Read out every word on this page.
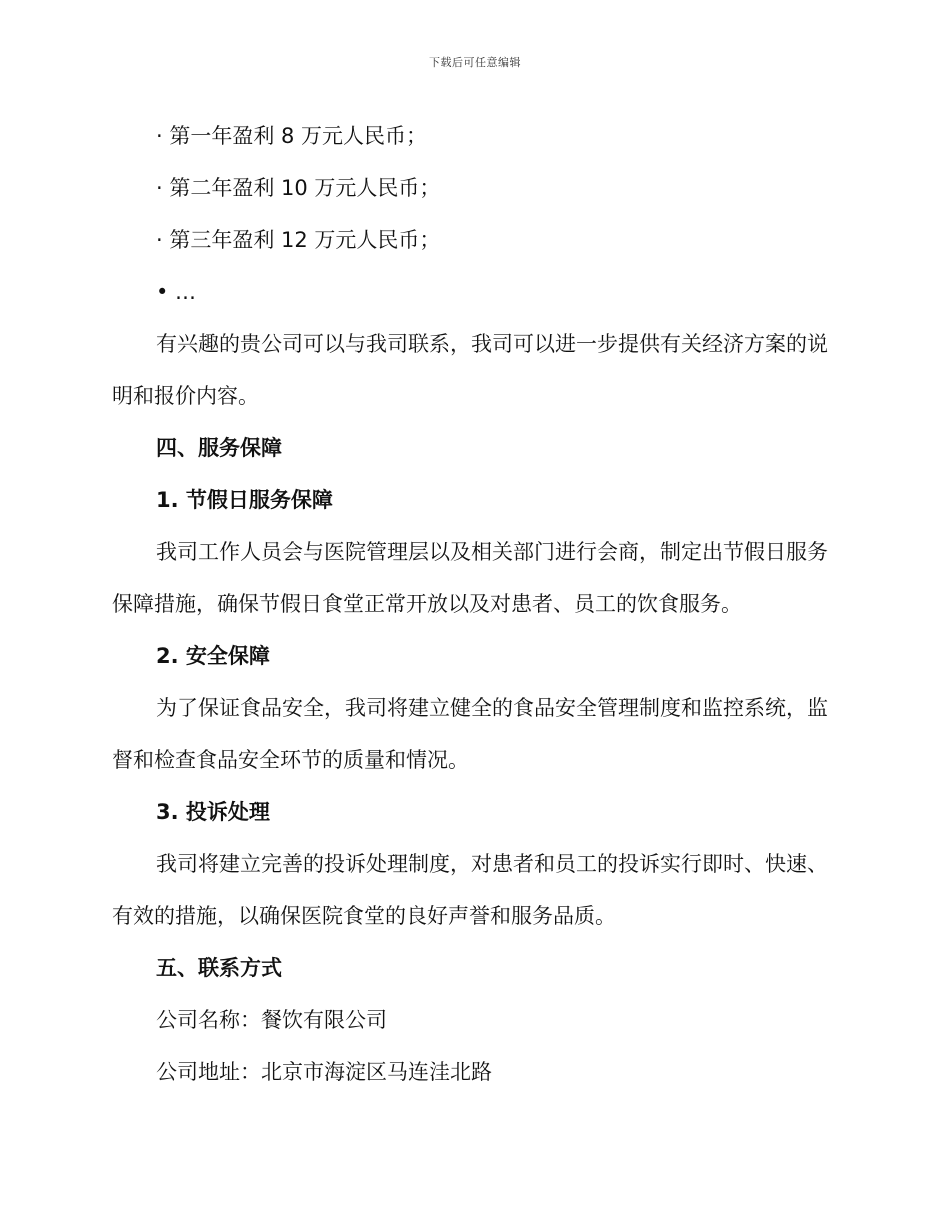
下载后可任意编辑

· 第一年盈利 8 万元人民币；

· 第二年盈利 10 万元人民币；

· 第三年盈利 12 万元人民币；

• …

有兴趣的贵公司可以与我司联系，我司可以进一步提供有关经济方案的说明和报价内容。

四、服务保障

1. 节假日服务保障

我司工作人员会与医院管理层以及相关部门进行会商，制定出节假日服务保障措施，确保节假日食堂正常开放以及对患者、员工的饮食服务。

2. 安全保障

为了保证食品安全，我司将建立健全的食品安全管理制度和监控系统，监督和检查食品安全环节的质量和情况。

3. 投诉处理

我司将建立完善的投诉处理制度，对患者和员工的投诉实行即时、快速、有效的措施，以确保医院食堂的良好声誉和服务品质。

五、联系方式

公司名称：餐饮有限公司

公司地址：北京市海淀区马连洼北路
